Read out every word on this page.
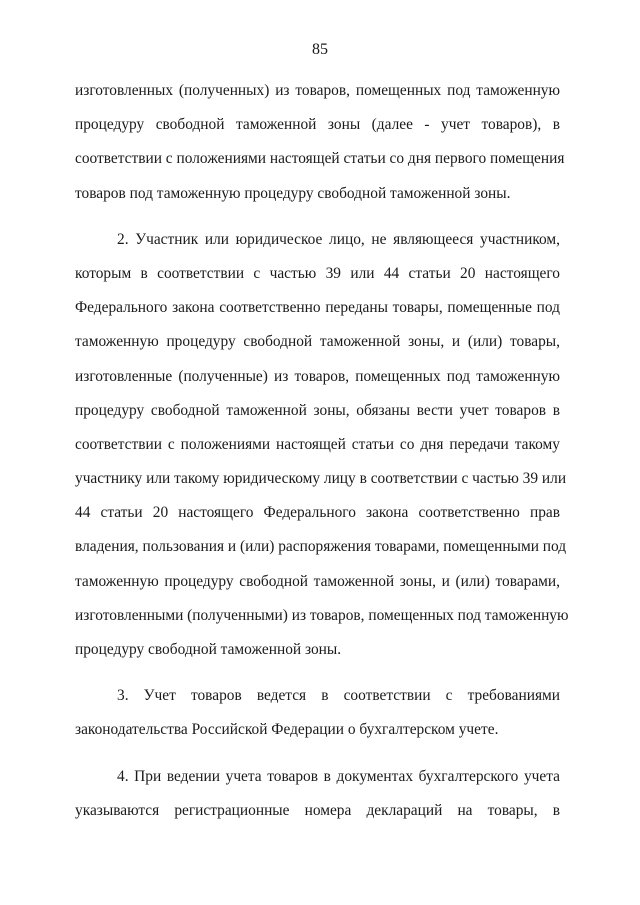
85
изготовленных (полученных) из товаров, помещенных под таможенную
процедуру свободной таможенной зоны (далее - учет товаров), в
соответствии с положениями настоящей статьи со дня первого помещения
товаров под таможенную процедуру свободной таможенной зоны.
2. Участник или юридическое лицо, не являющееся участником,
которым в соответствии с частью 39 или 44 статьи 20 настоящего
Федерального закона соответственно переданы товары, помещенные под
таможенную процедуру свободной таможенной зоны, и (или) товары,
изготовленные (полученные) из товаров, помещенных под таможенную
процедуру свободной таможенной зоны, обязаны вести учет товаров в
соответствии с положениями настоящей статьи со дня передачи такому
участнику или такому юридическому лицу в соответствии с частью 39 или
44 статьи 20 настоящего Федерального закона соответственно прав
владения, пользования и (или) распоряжения товарами, помещенными под
таможенную процедуру свободной таможенной зоны, и (или) товарами,
изготовленными (полученными) из товаров, помещенных под таможенную
процедуру свободной таможенной зоны.
3. Учет товаров ведется в соответствии с требованиями
законодательства Российской Федерации о бухгалтерском учете.
4. При ведении учета товаров в документах бухгалтерского учета
указываются регистрационные номера деклараций на товары, в
